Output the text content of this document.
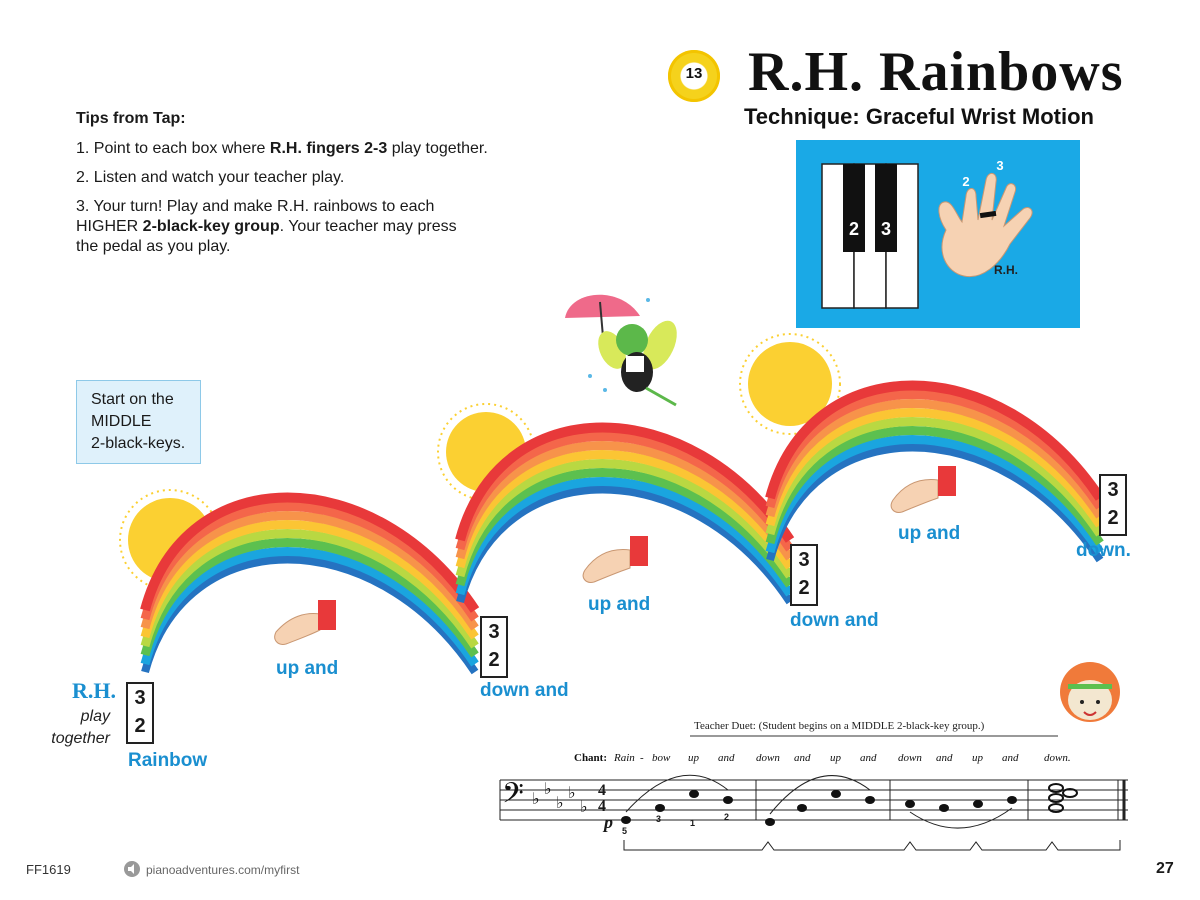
13 R.H. Rainbows
Technique: Graceful Wrist Motion
Tips from Tap:
1. Point to each box where R.H. fingers 2-3 play together.
2. Listen and watch your teacher play.
3. Your turn! Play and make R.H. rainbows to each HIGHER 2-black-key group. Your teacher may press the pedal as you play.
2 3
2
3
R.H.
Start on the
MIDDLE
2-black-keys.
𝄢 ♭
♭
♭
♭
♭
R.H.
play
together
3
2
Rainbow
up and
3
2
down and
up and
3
2
down and
up and
3
2
down.
Teacher Duet: (Student begins on a MIDDLE 2-black-key group.)
Chant: Rain - bow up and down and up and down and up and down.
4
4
p 5
3	1
2
FF1619	pianoadventures.com/myfirst	27
